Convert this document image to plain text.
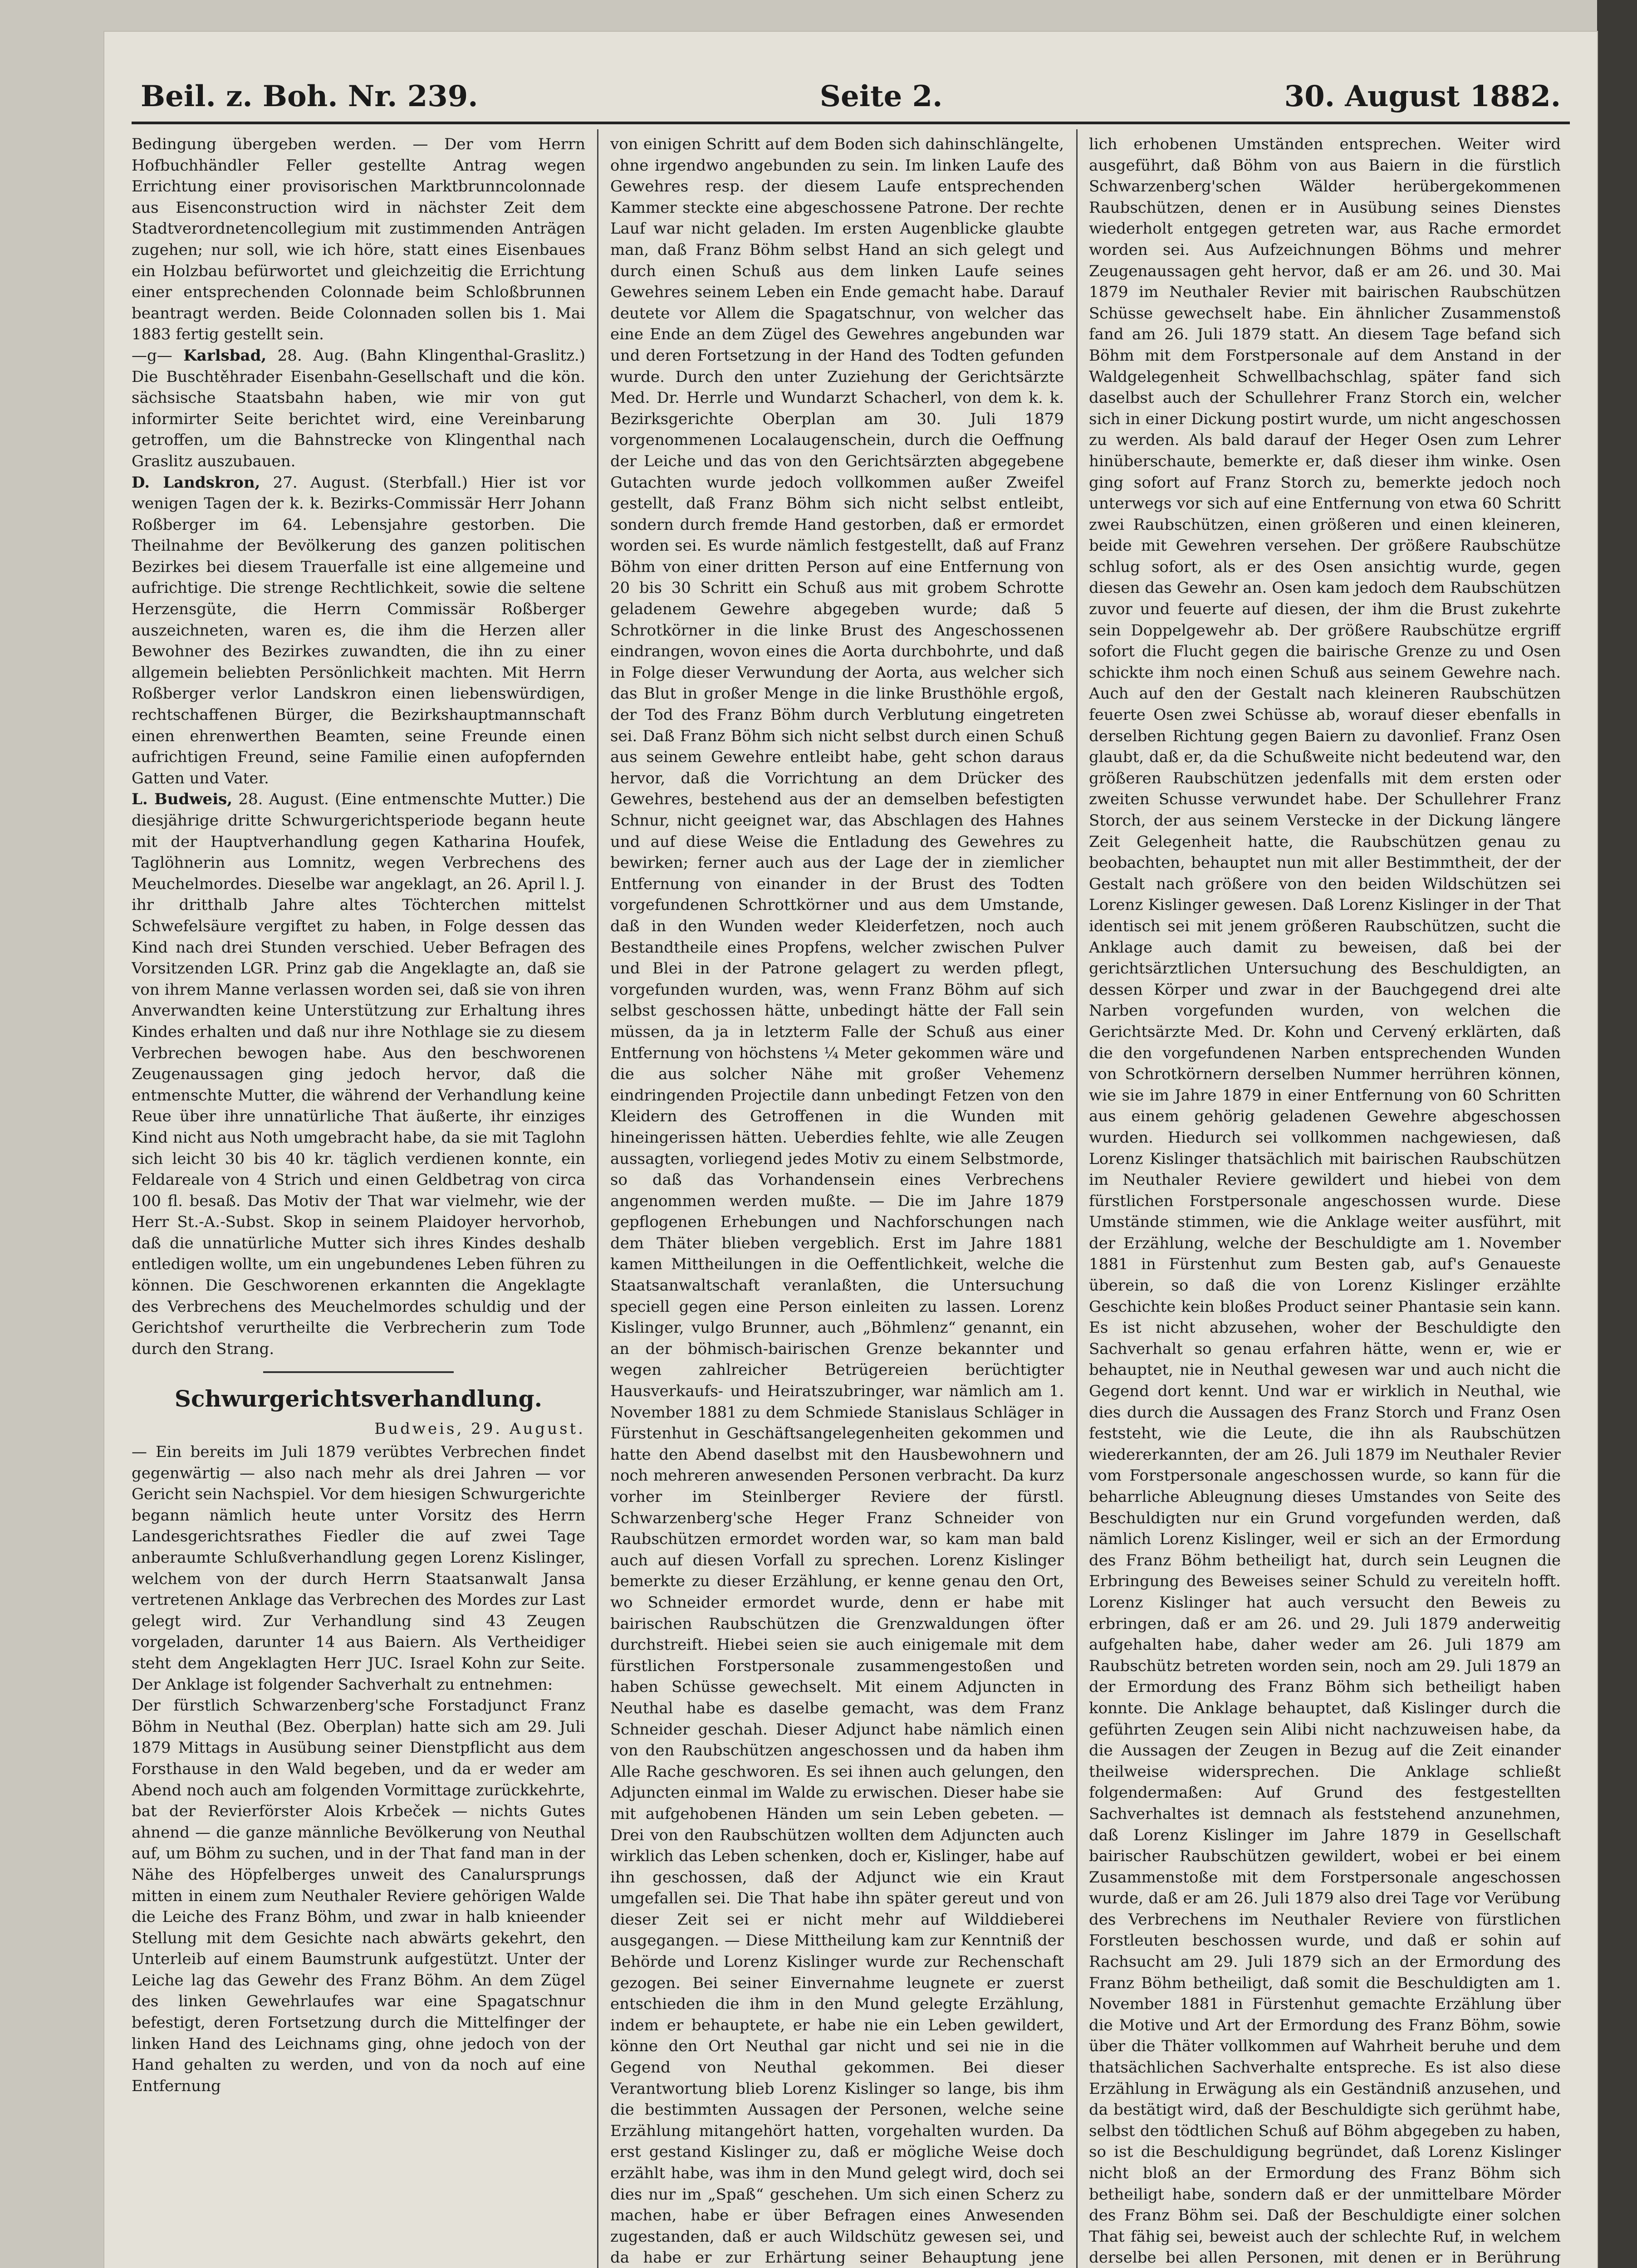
Beil. z. Boh. Nr. 239.	Seite 2.	30. August 1882.

Bedingung übergeben werden. — Der vom Herrn Hofbuchhändler Feller gestellte Antrag wegen Errichtung einer provisorischen Marktbrunncolonnade aus Eisenconstruction wird in nächster Zeit dem Stadtverordnetencollegium mit zustimmenden Anträgen zugehen; nur soll, wie ich höre, statt eines Eisenbaues ein Holzbau befürwortet und gleichzeitig die Errichtung einer entsprechenden Colonnade beim Schloßbrunnen beantragt werden. Beide Colonnaden sollen bis 1. Mai 1883 fertig gestellt sein.

—g— Karlsbad, 28. Aug. (Bahn Klingenthal-Graslitz.) Die Buschtěhrader Eisenbahn-Gesellschaft und die kön. sächsische Staatsbahn haben, wie mir von gut informirter Seite berichtet wird, eine Vereinbarung getroffen, um die Bahnstrecke von Klingenthal nach Graslitz auszubauen.

D. Landskron, 27. August. (Sterbfall.) Hier ist vor wenigen Tagen der k. k. Bezirks-Commissär Herr Johann Roßberger im 64. Lebensjahre gestorben. Die Theilnahme der Bevölkerung des ganzen politischen Bezirkes bei diesem Trauerfalle ist eine allgemeine und aufrichtige. Die strenge Rechtlichkeit, sowie die seltene Herzensgüte, die Herrn Commissär Roßberger auszeichneten, waren es, die ihm die Herzen aller Bewohner des Bezirkes zuwandten, die ihn zu einer allgemein beliebten Persönlichkeit machten. Mit Herrn Roßberger verlor Landskron einen liebenswürdigen, rechtschaffenen Bürger, die Bezirkshauptmannschaft einen ehrenwerthen Beamten, seine Freunde einen aufrichtigen Freund, seine Familie einen aufopfernden Gatten und Vater.

L. Budweis, 28. August. (Eine entmenschte Mutter.) Die diesjährige dritte Schwurgerichtsperiode begann heute mit der Hauptverhandlung gegen Katharina Houfek, Taglöhnerin aus Lomnitz, wegen Verbrechens des Meuchelmordes. Dieselbe war angeklagt, an 26. April l. J. ihr dritthalb Jahre altes Töchterchen mittelst Schwefelsäure vergiftet zu haben, in Folge dessen das Kind nach drei Stunden verschied. Ueber Befragen des Vorsitzenden LGR. Prinz gab die Angeklagte an, daß sie von ihrem Manne verlassen worden sei, daß sie von ihren Anverwandten keine Unterstützung zur Erhaltung ihres Kindes erhalten und daß nur ihre Nothlage sie zu diesem Verbrechen bewogen habe. Aus den beschworenen Zeugenaussagen ging jedoch hervor, daß die entmenschte Mutter, die während der Verhandlung keine Reue über ihre unnatürliche That äußerte, ihr einziges Kind nicht aus Noth umgebracht habe, da sie mit Taglohn sich leicht 30 bis 40 kr. täglich verdienen konnte, ein Feldareale von 4 Strich und einen Geldbetrag von circa 100 fl. besaß. Das Motiv der That war vielmehr, wie der Herr St.-A.-Subst. Skop in seinem Plaidoyer hervorhob, daß die unnatürliche Mutter sich ihres Kindes deshalb entledigen wollte, um ein ungebundenes Leben führen zu können. Die Geschworenen erkannten die Angeklagte des Verbrechens des Meuchelmordes schuldig und der Gerichtshof verurtheilte die Verbrecherin zum Tode durch den Strang.

Schwurgerichtsverhandlung.
Budweis, 29. August.

— Ein bereits im Juli 1879 verübtes Verbrechen findet gegenwärtig — also nach mehr als drei Jahren — vor Gericht sein Nachspiel. Vor dem hiesigen Schwurgerichte begann nämlich heute unter Vorsitz des Herrn Landesgerichtsrathes Fiedler die auf zwei Tage anberaumte Schlußverhandlung gegen Lorenz Kislinger, welchem von der durch Herrn Staatsanwalt Jansa vertretenen Anklage das Verbrechen des Mordes zur Last gelegt wird. Zur Verhandlung sind 43 Zeugen vorgeladen, darunter 14 aus Baiern. Als Vertheidiger steht dem Angeklagten Herr JUC. Israel Kohn zur Seite. Der Anklage ist folgender Sachverhalt zu entnehmen:

Der fürstlich Schwarzenberg'sche Forstadjunct Franz Böhm in Neuthal (Bez. Oberplan) hatte sich am 29. Juli 1879 Mittags in Ausübung seiner Dienstpflicht aus dem Forsthause in den Wald begeben, und da er weder am Abend noch auch am folgenden Vormittage zurückkehrte, bat der Revierförster Alois Krbeček — nichts Gutes ahnend — die ganze männliche Bevölkerung von Neuthal auf, um Böhm zu suchen, und in der That fand man in der Nähe des Höpfelberges unweit des Canalursprungs mitten in einem zum Neuthaler Reviere gehörigen Walde die Leiche des Franz Böhm, und zwar in halb knieender Stellung mit dem Gesichte nach abwärts gekehrt, den Unterleib auf einem Baumstrunk aufgestützt. Unter der Leiche lag das Gewehr des Franz Böhm. An dem Zügel des linken Gewehrlaufes war eine Spagatschnur befestigt, deren Fortsetzung durch die Mittelfinger der linken Hand des Leichnams ging, ohne jedoch von der Hand gehalten zu werden, und von da noch auf eine Entfernung

von einigen Schritt auf dem Boden sich dahinschlängelte, ohne irgendwo angebunden zu sein. Im linken Laufe des Gewehres resp. der diesem Laufe entsprechenden Kammer steckte eine abgeschossene Patrone. Der rechte Lauf war nicht geladen. Im ersten Augenblicke glaubte man, daß Franz Böhm selbst Hand an sich gelegt und durch einen Schuß aus dem linken Laufe seines Gewehres seinem Leben ein Ende gemacht habe. Darauf deutete vor Allem die Spagatschnur, von welcher das eine Ende an dem Zügel des Gewehres angebunden war und deren Fortsetzung in der Hand des Todten gefunden wurde. Durch den unter Zuziehung der Gerichtsärzte Med. Dr. Herrle und Wundarzt Schacherl, von dem k. k. Bezirksgerichte Oberplan am 30. Juli 1879 vorgenommenen Localaugenschein, durch die Oeffnung der Leiche und das von den Gerichtsärzten abgegebene Gutachten wurde jedoch vollkommen außer Zweifel gestellt, daß Franz Böhm sich nicht selbst entleibt, sondern durch fremde Hand gestorben, daß er ermordet worden sei. Es wurde nämlich festgestellt, daß auf Franz Böhm von einer dritten Person auf eine Entfernung von 20 bis 30 Schritt ein Schuß aus mit grobem Schrotte geladenem Gewehre abgegeben wurde; daß 5 Schrotkörner in die linke Brust des Angeschossenen eindrangen, wovon eines die Aorta durchbohrte, und daß in Folge dieser Verwundung der Aorta, aus welcher sich das Blut in großer Menge in die linke Brusthöhle ergoß, der Tod des Franz Böhm durch Verblutung eingetreten sei. Daß Franz Böhm sich nicht selbst durch einen Schuß aus seinem Gewehre entleibt habe, geht schon daraus hervor, daß die Vorrichtung an dem Drücker des Gewehres, bestehend aus der an demselben befestigten Schnur, nicht geeignet war, das Abschlagen des Hahnes und auf diese Weise die Entladung des Gewehres zu bewirken; ferner auch aus der Lage der in ziemlicher Entfernung von einander in der Brust des Todten vorgefundenen Schrottkörner und aus dem Umstande, daß in den Wunden weder Kleiderfetzen, noch auch Bestandtheile eines Propfens, welcher zwischen Pulver und Blei in der Patrone gelagert zu werden pflegt, vorgefunden wurden, was, wenn Franz Böhm auf sich selbst geschossen hätte, unbedingt hätte der Fall sein müssen, da ja in letzterm Falle der Schuß aus einer Entfernung von höchstens ¼ Meter gekommen wäre und die aus solcher Nähe mit großer Vehemenz eindringenden Projectile dann unbedingt Fetzen von den Kleidern des Getroffenen in die Wunden mit hineingerissen hätten. Ueberdies fehlte, wie alle Zeugen aussagten, vorliegend jedes Motiv zu einem Selbstmorde, so daß das Vorhandensein eines Verbrechens angenommen werden mußte. — Die im Jahre 1879 gepflogenen Erhebungen und Nachforschungen nach dem Thäter blieben vergeblich. Erst im Jahre 1881 kamen Mittheilungen in die Oeffentlichkeit, welche die Staatsanwaltschaft veranlaßten, die Untersuchung speciell gegen eine Person einleiten zu lassen. Lorenz Kislinger, vulgo Brunner, auch „Böhmlenz“ genannt, ein an der böhmisch-bairischen Grenze bekannter und wegen zahlreicher Betrügereien berüchtigter Hausverkaufs- und Heiratszubringer, war nämlich am 1. November 1881 zu dem Schmiede Stanislaus Schläger in Fürstenhut in Geschäftsangelegenheiten gekommen und hatte den Abend daselbst mit den Hausbewohnern und noch mehreren anwesenden Personen verbracht. Da kurz vorher im Steinlberger Reviere der fürstl. Schwarzenberg'sche Heger Franz Schneider von Raubschützen ermordet worden war, so kam man bald auch auf diesen Vorfall zu sprechen. Lorenz Kislinger bemerkte zu dieser Erzählung, er kenne genau den Ort, wo Schneider ermordet wurde, denn er habe mit bairischen Raubschützen die Grenzwaldungen öfter durchstreift. Hiebei seien sie auch einigemale mit dem fürstlichen Forstpersonale zusammengestoßen und haben Schüsse gewechselt. Mit einem Adjuncten in Neuthal habe es daselbe gemacht, was dem Franz Schneider geschah. Dieser Adjunct habe nämlich einen von den Raubschützen angeschossen und da haben ihm Alle Rache geschworen. Es sei ihnen auch gelungen, den Adjuncten einmal im Walde zu erwischen. Dieser habe sie mit aufgehobenen Händen um sein Leben gebeten. — Drei von den Raubschützen wollten dem Adjuncten auch wirklich das Leben schenken, doch er, Kislinger, habe auf ihn geschossen, daß der Adjunct wie ein Kraut umgefallen sei. Die That habe ihn später gereut und von dieser Zeit sei er nicht mehr auf Wilddieberei ausgegangen. — Diese Mittheilung kam zur Kenntniß der Behörde und Lorenz Kislinger wurde zur Rechenschaft gezogen. Bei seiner Einvernahme leugnete er zuerst entschieden die ihm in den Mund gelegte Erzählung, indem er behauptete, er habe nie ein Leben gewildert, könne den Ort Neuthal gar nicht und sei nie in die Gegend von Neuthal gekommen. Bei dieser Verantwortung blieb Lorenz Kislinger so lange, bis ihm die bestimmten Aussagen der Personen, welche seine Erzählung mitangehört hatten, vorgehalten wurden. Da erst gestand Kislinger zu, daß er mögliche Weise doch erzählt habe, was ihm in den Mund gelegt wird, doch sei dies nur im „Spaß“ geschehen. Um sich einen Scherz zu machen, habe er über Befragen eines Anwesenden zugestanden, daß er auch Wildschütz gewesen sei, und da habe er zur Erhärtung seiner Behauptung jene

lich erhobenen Umständen entsprechen. Weiter wird ausgeführt, daß Böhm von aus Baiern in die fürstlich Schwarzenberg'schen Wälder herübergekommenen Raubschützen, denen er in Ausübung seines Dienstes wiederholt entgegen getreten war, aus Rache ermordet worden sei. Aus Aufzeichnungen Böhms und mehrer Zeugenaussagen geht hervor, daß er am 26. und 30. Mai 1879 im Neuthaler Revier mit bairischen Raubschützen Schüsse gewechselt habe. Ein ähnlicher Zusammenstoß fand am 26. Juli 1879 statt. An diesem Tage befand sich Böhm mit dem Forstpersonale auf dem Anstand in der Waldgelegenheit Schwellbachschlag, später fand sich daselbst auch der Schullehrer Franz Storch ein, welcher sich in einer Dickung postirt wurde, um nicht angeschossen zu werden. Als bald darauf der Heger Osen zum Lehrer hinüberschaute, bemerkte er, daß dieser ihm winke. Osen ging sofort auf Franz Storch zu, bemerkte jedoch noch unterwegs vor sich auf eine Entfernung von etwa 60 Schritt zwei Raubschützen, einen größeren und einen kleineren, beide mit Gewehren versehen. Der größere Raubschütze schlug sofort, als er des Osen ansichtig wurde, gegen diesen das Gewehr an. Osen kam jedoch dem Raubschützen zuvor und feuerte auf diesen, der ihm die Brust zukehrte sein Doppelgewehr ab. Der größere Raubschütze ergriff sofort die Flucht gegen die bairische Grenze zu und Osen schickte ihm noch einen Schuß aus seinem Gewehre nach. Auch auf den der Gestalt nach kleineren Raubschützen feuerte Osen zwei Schüsse ab, worauf dieser ebenfalls in derselben Richtung gegen Baiern zu davonlief. Franz Osen glaubt, daß er, da die Schußweite nicht bedeutend war, den größeren Raubschützen jedenfalls mit dem ersten oder zweiten Schusse verwundet habe. Der Schullehrer Franz Storch, der aus seinem Verstecke in der Dickung längere Zeit Gelegenheit hatte, die Raubschützen genau zu beobachten, behauptet nun mit aller Bestimmtheit, der der Gestalt nach größere von den beiden Wildschützen sei Lorenz Kislinger gewesen. Daß Lorenz Kislinger in der That identisch sei mit jenem größeren Raubschützen, sucht die Anklage auch damit zu beweisen, daß bei der gerichtsärztlichen Untersuchung des Beschuldigten, an dessen Körper und zwar in der Bauchgegend drei alte Narben vorgefunden wurden, von welchen die Gerichtsärzte Med. Dr. Kohn und Cervený erklärten, daß die den vorgefundenen Narben entsprechenden Wunden von Schrotkörnern derselben Nummer herrühren können, wie sie im Jahre 1879 in einer Entfernung von 60 Schritten aus einem gehörig geladenen Gewehre abgeschossen wurden. Hiedurch sei vollkommen nachgewiesen, daß Lorenz Kislinger thatsächlich mit bairischen Raubschützen im Neuthaler Reviere gewildert und hiebei von dem fürstlichen Forstpersonale angeschossen wurde. Diese Umstände stimmen, wie die Anklage weiter ausführt, mit der Erzählung, welche der Beschuldigte am 1. November 1881 in Fürstenhut zum Besten gab, auf's Genaueste überein, so daß die von Lorenz Kislinger erzählte Geschichte kein bloßes Product seiner Phantasie sein kann. Es ist nicht abzusehen, woher der Beschuldigte den Sachverhalt so genau erfahren hätte, wenn er, wie er behauptet, nie in Neuthal gewesen war und auch nicht die Gegend dort kennt. Und war er wirklich in Neuthal, wie dies durch die Aussagen des Franz Storch und Franz Osen feststeht, wie die Leute, die ihn als Raubschützen wiedererkannten, der am 26. Juli 1879 im Neuthaler Revier vom Forstpersonale angeschossen wurde, so kann für die beharrliche Ableugnung dieses Umstandes von Seite des Beschuldigten nur ein Grund vorgefunden werden, daß nämlich Lorenz Kislinger, weil er sich an der Ermordung des Franz Böhm betheiligt hat, durch sein Leugnen die Erbringung des Beweises seiner Schuld zu vereiteln hofft. Lorenz Kislinger hat auch versucht den Beweis zu erbringen, daß er am 26. und 29. Juli 1879 anderweitig aufgehalten habe, daher weder am 26. Juli 1879 am Raubschütz betreten worden sein, noch am 29. Juli 1879 an der Ermordung des Franz Böhm sich betheiligt haben konnte. Die Anklage behauptet, daß Kislinger durch die geführten Zeugen sein Alibi nicht nachzuweisen habe, da die Aussagen der Zeugen in Bezug auf die Zeit einander theilweise widersprechen. Die Anklage schließt folgendermaßen: Auf Grund des festgestellten Sachverhaltes ist demnach als feststehend anzunehmen, daß Lorenz Kislinger im Jahre 1879 in Gesellschaft bairischer Raubschützen gewildert, wobei er bei einem Zusammenstoße mit dem Forstpersonale angeschossen wurde, daß er am 26. Juli 1879 also drei Tage vor Verübung des Verbrechens im Neuthaler Reviere von fürstlichen Forstleuten beschossen wurde, und daß er sohin auf Rachsucht am 29. Juli 1879 sich an der Ermordung des Franz Böhm betheiligt, daß somit die Beschuldigten am 1. November 1881 in Fürstenhut gemachte Erzählung über die Motive und Art der Ermordung des Franz Böhm, sowie über die Thäter vollkommen auf Wahrheit beruhe und dem thatsächlichen Sachverhalte entspreche. Es ist also diese Erzählung in Erwägung als ein Geständniß anzusehen, und da bestätigt wird, daß der Beschuldigte sich gerühmt habe, selbst den tödtlichen Schuß auf Böhm abgegeben zu haben, so ist die Beschuldigung begründet, daß Lorenz Kislinger nicht bloß an der Ermordung des Franz Böhm sich betheiligt habe, sondern daß er der unmittelbare Mörder des Franz Böhm sei. Daß der Beschuldigte einer solchen That fähig sei, beweist auch der schlechte Ruf, in welchem derselbe bei allen Personen, mit denen er in Berührung
